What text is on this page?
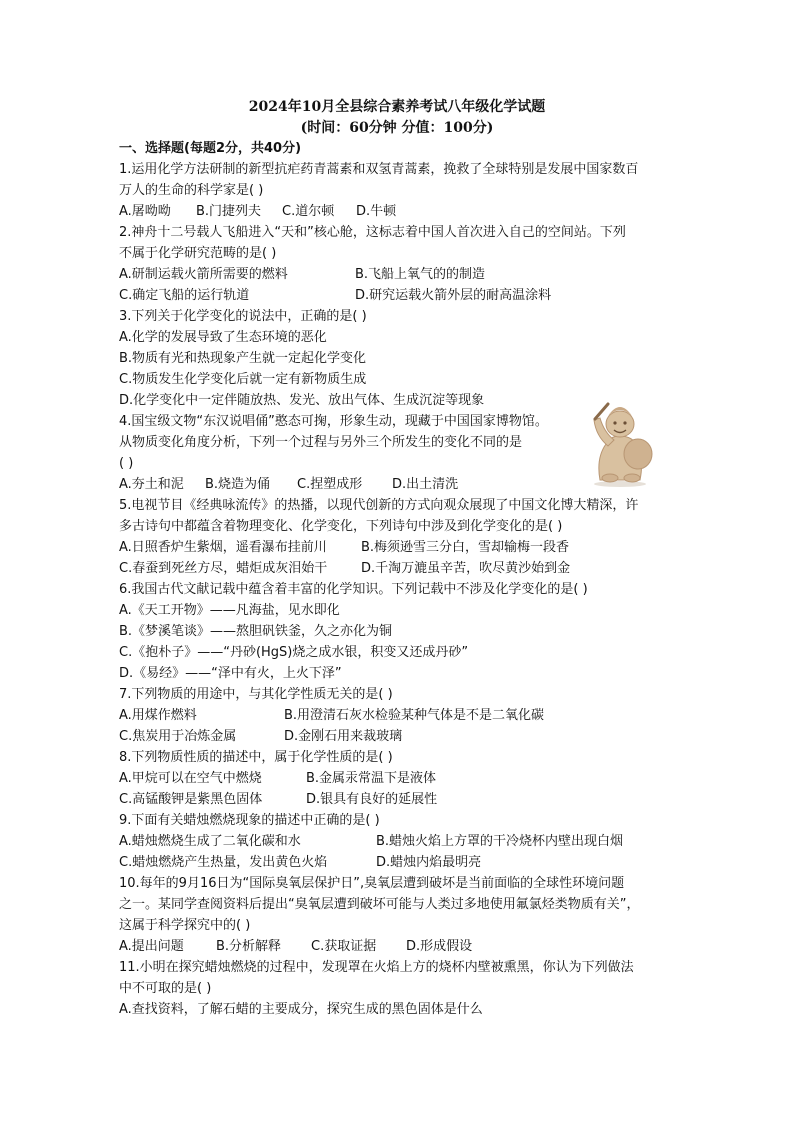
2024年10月全县综合素养考试八年级化学试题
(时间：60分钟 分值：100分)
一、选择题(每题2分，共40分)
1.运用化学方法研制的新型抗疟药青蒿素和双氢青蒿素，挽救了全球特别是发展中国家数百
万人的生命的科学家是( )
A.屠呦呦 B.门捷列夫 C.道尔顿 D.牛顿
2.神舟十二号载人飞船进入“天和”核心舱，这标志着中国人首次进入自己的空间站。下列
不属于化学研究范畴的是( )
A.研制运载火箭所需要的燃料	B.飞船上氧气的的制造
C.确定飞船的运行轨道	D.研究运载火箭外层的耐高温涂料
3.下列关于化学变化的说法中，正确的是( )
A.化学的发展导致了生态环境的恶化
B.物质有光和热现象产生就一定起化学变化
C.物质发生化学变化后就一定有新物质生成
D.化学变化中一定伴随放热、发光、放出气体、生成沉淀等现象
4.国宝级文物“东汉说唱俑”憨态可掬，形象生动，现藏于中国国家博物馆。
从物质变化角度分析，下列一个过程与另外三个所发生的变化不同的是
( )
A.夯土和泥 B.烧造为俑 C.捏塑成形 D.出土清洗
5.电视节目《经典咏流传》的热播，以现代创新的方式向观众展现了中国文化博大精深，许
多古诗句中都蕴含着物理变化、化学变化，下列诗句中涉及到化学变化的是( )
A.日照香炉生紫烟，遥看瀑布挂前川	B.梅须逊雪三分白，雪却输梅一段香
C.春蚕到死丝方尽，蜡炬成灰泪始干	D.千淘万漉虽辛苦，吹尽黄沙始到金
6.我国古代文献记载中蕴含着丰富的化学知识。下列记载中不涉及化学变化的是( )
A.《天工开物》——凡海盐，见水即化
B.《梦溪笔谈》——熬胆矾铁釜，久之亦化为铜
C.《抱朴子》——“丹砂(HgS)烧之成水银，积变又还成丹砂”
D.《易经》——“泽中有火，上火下泽”
7.下列物质的用途中，与其化学性质无关的是( )
A.用煤作燃料	B.用澄清石灰水检验某种气体是不是二氧化碳
C.焦炭用于冶炼金属	D.金刚石用来裁玻璃
8.下列物质性质的描述中，属于化学性质的是( )
A.甲烷可以在空气中燃烧	B.金属汞常温下是液体
C.高锰酸钾是紫黑色固体	D.银具有良好的延展性
9.下面有关蜡烛燃烧现象的描述中正确的是( )
A.蜡烛燃烧生成了二氧化碳和水	B.蜡烛火焰上方罩的干冷烧杯内壁出现白烟
C.蜡烛燃烧产生热量，发出黄色火焰	D.蜡烛内焰最明亮
10.每年的9月16日为“国际臭氧层保护日”,臭氧层遭到破坏是当前面临的全球性环境问题
之一。某同学查阅资料后提出“臭氧层遭到破坏可能与人类过多地使用氟氯烃类物质有关”，
这属于科学探究中的( )
A.提出问题 B.分析解释 C.获取证据 D.形成假设
11.小明在探究蜡烛燃烧的过程中，发现罩在火焰上方的烧杯内壁被熏黑，你认为下列做法
中不可取的是( )
A.查找资料，了解石蜡的主要成分，探究生成的黑色固体是什么
